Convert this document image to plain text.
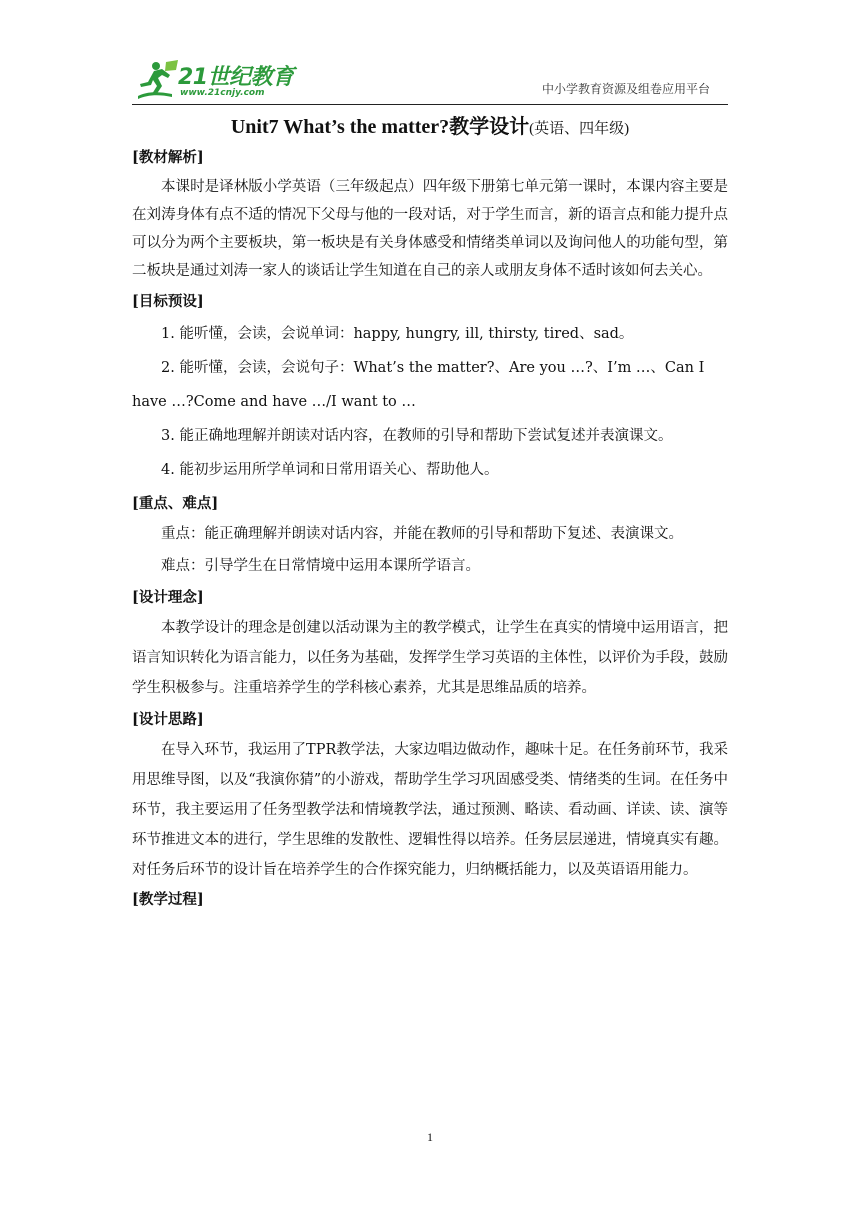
21世纪教育
www.21cnjy.com	中小学教育资源及组卷应用平台
Unit7 What’s the matter?教学设计(英语、四年级)
[教材解析]

本课时是译林版小学英语（三年级起点）四年级下册第七单元第一课时，本课内容主要是在刘涛身体有点不适的情况下父母与他的一段对话，对于学生而言，新的语言点和能力提升点可以分为两个主要板块，第一板块是有关身体感受和情绪类单词以及询问他人的功能句型，第二板块是通过刘涛一家人的谈话让学生知道在自己的亲人或朋友身体不适时该如何去关心。

[目标预设]

1. 能听懂，会读，会说单词：happy, hungry, ill, thirsty, tired、sad。

2. 能听懂，会读，会说句子：What’s the matter?、Are you …?、I’m …、Can I have …?Come and have …/I want to …

3. 能正确地理解并朗读对话内容，在教师的引导和帮助下尝试复述并表演课文。

4. 能初步运用所学单词和日常用语关心、帮助他人。

[重点、难点]

重点：能正确理解并朗读对话内容，并能在教师的引导和帮助下复述、表演课文。

难点：引导学生在日常情境中运用本课所学语言。

[设计理念]

本教学设计的理念是创建以活动课为主的教学模式，让学生在真实的情境中运用语言，把语言知识转化为语言能力，以任务为基础，发挥学生学习英语的主体性，以评价为手段，鼓励学生积极参与。注重培养学生的学科核心素养，尤其是思维品质的培养。

[设计思路]

在导入环节，我运用了TPR教学法，大家边唱边做动作，趣味十足。在任务前环节，我采用思维导图，以及“我演你猜”的小游戏，帮助学生学习巩固感受类、情绪类的生词。在任务中环节，我主要运用了任务型教学法和情境教学法，通过预测、略读、看动画、详读、读、演等环节推进文本的进行，学生思维的发散性、逻辑性得以培养。任务层层递进，情境真实有趣。对任务后环节的设计旨在培养学生的合作探究能力，归纳概括能力，以及英语语用能力。

[教学过程]
1
